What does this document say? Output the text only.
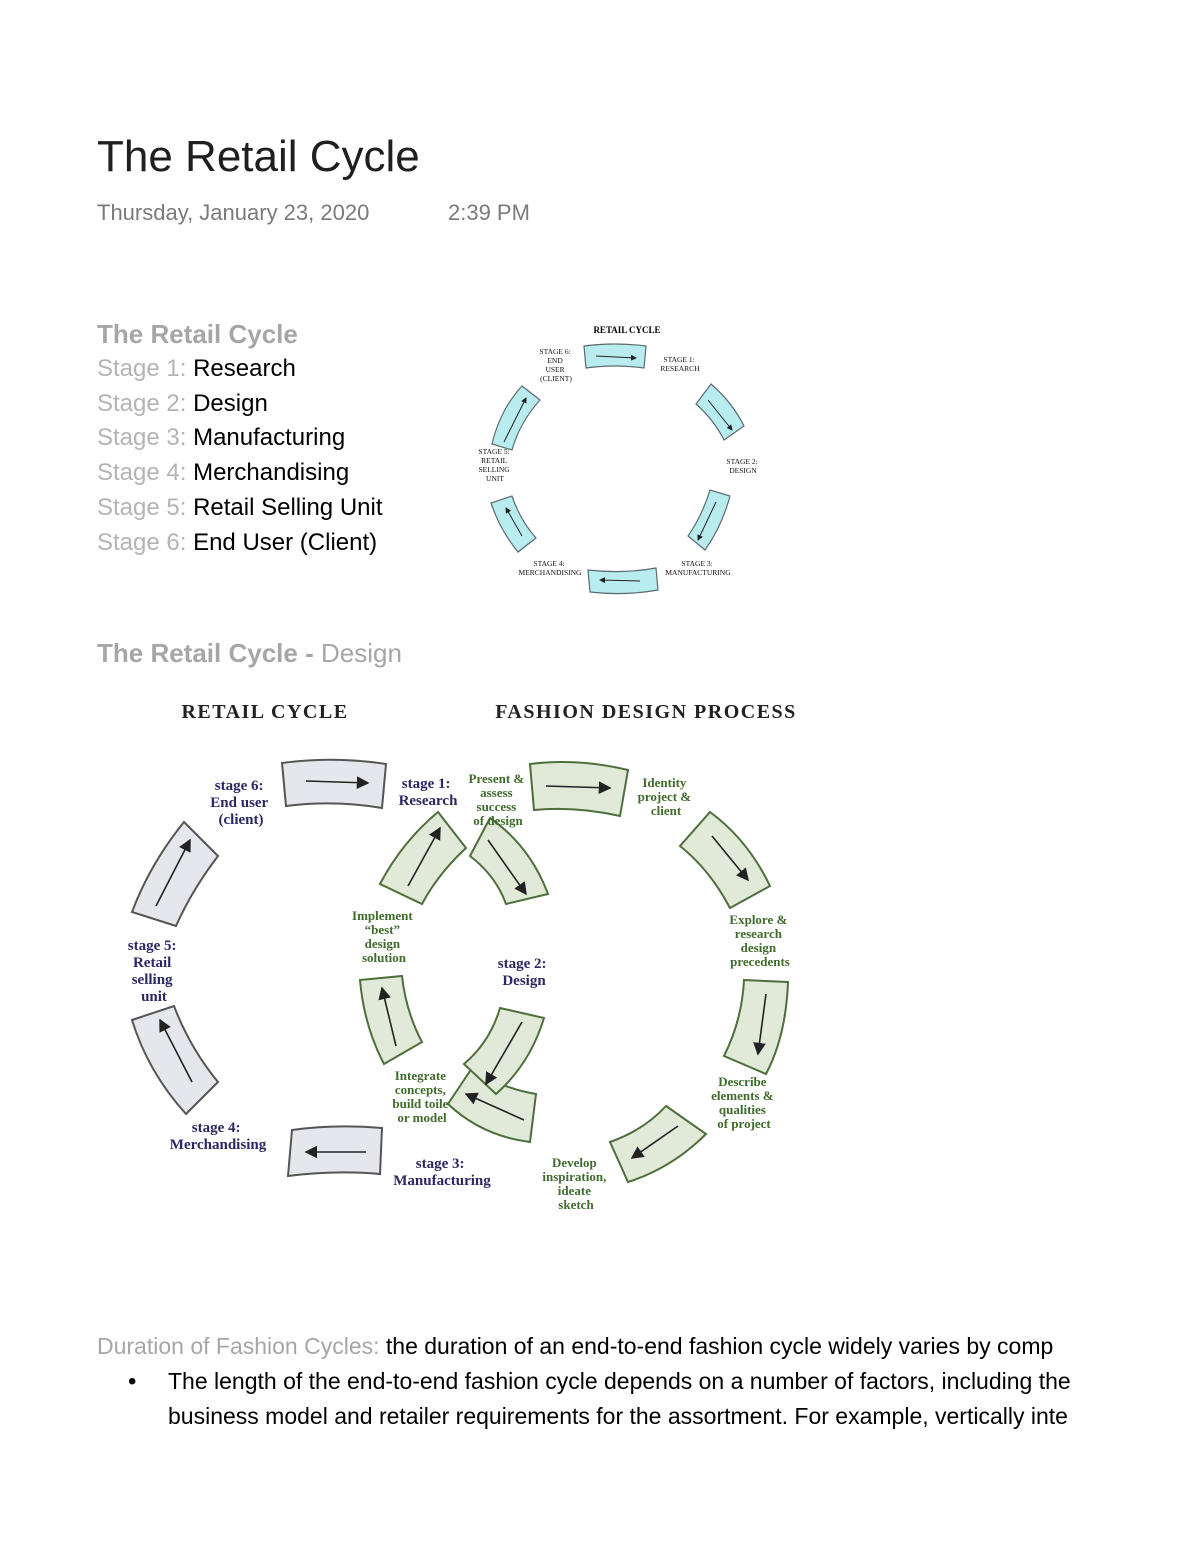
The Retail Cycle
Thursday, January 23, 2020	2:39 PM
The Retail Cycle
Stage 1: Research
Stage 2: Design
Stage 3: Manufacturing
Stage 4: Merchandising
Stage 5: Retail Selling Unit
Stage 6: End User (Client)
RETAIL CYCLE
STAGE 6: END USER (CLIENT)
STAGE 1: RESEARCH
STAGE 2: DESIGN
STAGE 3: MANUFACTURING
STAGE 4: MERCHANDISING
STAGE 5: RETAIL SELLING UNIT
The Retail Cycle - Design
RETAIL CYCLE	FASHION DESIGN PROCESS
stage 6: End user (client)
stage 1: Research
stage 2: Design
stage 3: Manufacturing
stage 4: Merchandising
stage 5: Retail selling unit
Identity project & client
Explore & research design precedents
Describe elements & qualities of project
Develop inspiration, ideate sketch
Integrate concepts, build toile or model
Implement “best” design solution
Present & assess success of design
Duration of Fashion Cycles: the duration of an end-to-end fashion cycle widely varies by comp
• The length of the end-to-end fashion cycle depends on a number of factors, including the
business model and retailer requirements for the assortment. For example, vertically inte
